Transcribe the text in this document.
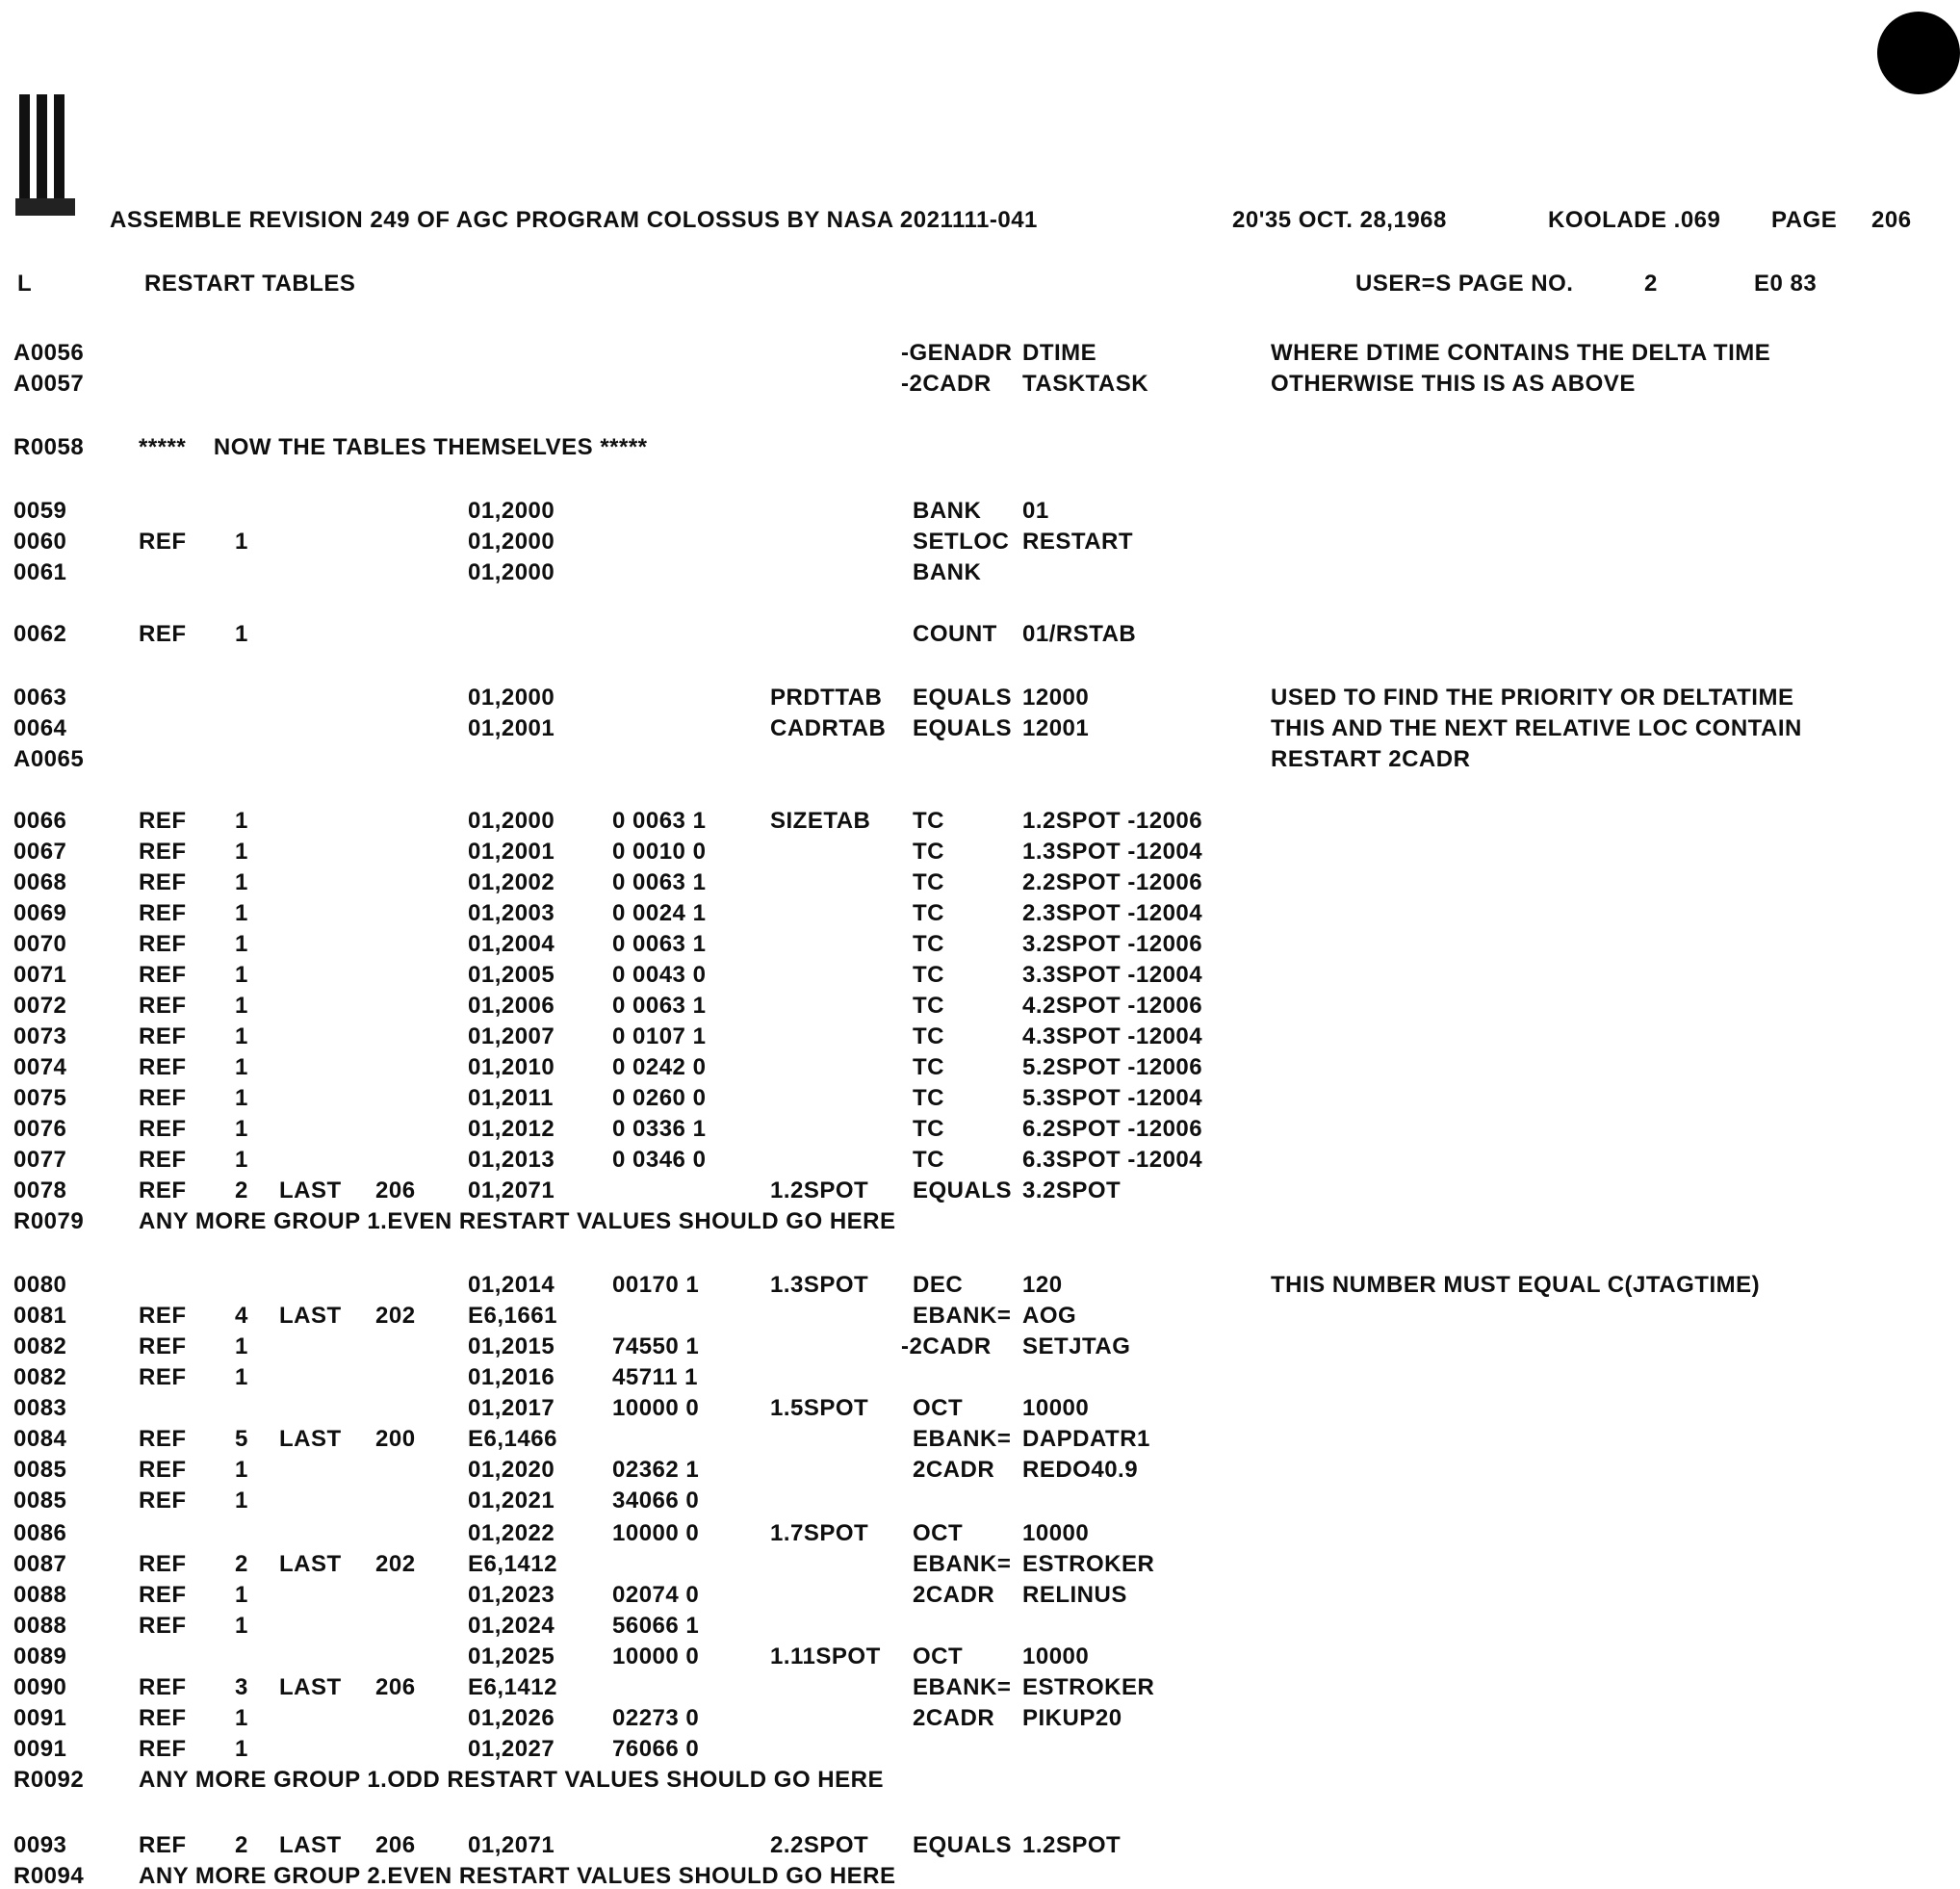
ASSEMBLE REVISION 249 OF AGC PROGRAM COLOSSUS BY NASA 2021111-041	20'35 OCT. 28,1968	KOOLADE .069 PAGE 206
L	RESTART TABLES	USER=S PAGE NO.	2	E0 83
A0056	-GENADR DTIME	WHERE DTIME CONTAINS THE DELTA TIME
A0057	-2CADR TASKTASK	OTHERWISE THIS IS AS ABOVE
R0058 *****    NOW THE TABLES THEMSELVES *****
0059	01,2000	BANK 01
0060	REF 1	01,2000	SETLOC RESTART
0061	01,2000	BANK
0062	REF 1	COUNT 01/RSTAB
0063	01,2000	PRDTTAB EQUALS 12000	USED TO FIND THE PRIORITY OR DELTATIME
0064	01,2001	CADRTAB EQUALS 12001	THIS AND THE NEXT RELATIVE LOC CONTAIN
A0065	RESTART 2CADR
0066	REF 1	01,2000 0 0063 1	SIZETAB TC	1.2SPOT -12006
0067	REF 1	01,2001 0 0010 0	TC	1.3SPOT -12004
0068	REF 1	01,2002 0 0063 1	TC	2.2SPOT -12006
0069	REF 1	01,2003 0 0024 1	TC	2.3SPOT -12004
0070	REF 1	01,2004 0 0063 1	TC	3.2SPOT -12006
0071	REF 1	01,2005 0 0043 0	TC	3.3SPOT -12004
0072	REF 1	01,2006 0 0063 1	TC	4.2SPOT -12006
0073	REF 1	01,2007 0 0107 1	TC	4.3SPOT -12004
0074	REF 1	01,2010 0 0242 0	TC	5.2SPOT -12006
0075	REF 1	01,2011	0 0260 0	TC	5.3SPOT -12004
0076	REF 1	01,2012 0 0336 1	TC	6.2SPOT -12006
0077	REF 1	01,2013 0 0346 0	TC	6.3SPOT -12004
0078	REF 2 LAST 206 01,2071	1.2SPOT EQUALS 3.2SPOT
R0079 ANY MORE GROUP 1.EVEN RESTART VALUES SHOULD GO HERE
0080	01,2014 00170 1	1.3SPOT DEC	120	THIS NUMBER MUST EQUAL C(JTAGTIME)
0081	REF 4 LAST 202 E6,1661	EBANK= AOG
0082	REF 1	01,2015 74550 1	-2CADR SETJTAG
0082	REF 1	01,2016 45711 1
0083	01,2017 10000 0	1.5SPOT OCT	10000
0084	REF 5 LAST 200 E6,1466	EBANK= DAPDATR1
0085	REF 1	01,2020 02362 1	2CADR REDO40.9
0085	REF 1	01,2021 34066 0
0086	01,2022 10000 0	1.7SPOT OCT	10000
0087	REF 2 LAST 202 E6,1412	EBANK= ESTROKER
0088	REF 1	01,2023 02074 0	2CADR RELINUS
0088	REF 1	01,2024 56066 1
0089	01,2025 10000 0	1.11SPOT OCT	10000
0090	REF 3 LAST 206 E6,1412	EBANK= ESTROKER
0091	REF 1	01,2026 02273 0	2CADR PIKUP20
0091	REF 1	01,2027 76066 0
R0092 ANY MORE GROUP 1.ODD RESTART VALUES SHOULD GO HERE
0093	REF 2 LAST 206 01,2071	2.2SPOT EQUALS 1.2SPOT
R0094 ANY MORE GROUP 2.EVEN RESTART VALUES SHOULD GO HERE
